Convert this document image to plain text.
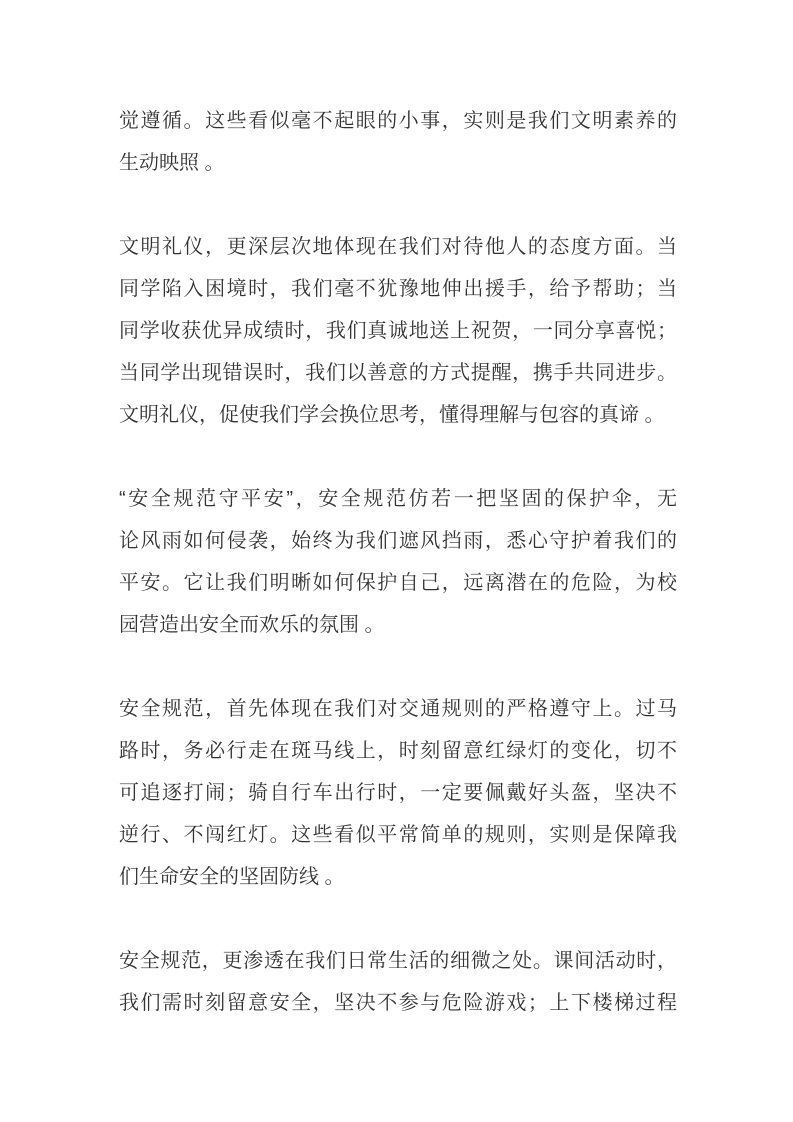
觉遵循。这些看似毫不起眼的小事，实则是我们文明素养的
生动映照 。
文明礼仪，更深层次地体现在我们对待他人的态度方面。当
同学陷入困境时，我们毫不犹豫地伸出援手，给予帮助；当
同学收获优异成绩时，我们真诚地送上祝贺，一同分享喜悦；
当同学出现错误时，我们以善意的方式提醒，携手共同进步。
文明礼仪，促使我们学会换位思考，懂得理解与包容的真谛 。
“安全规范守平安”，安全规范仿若一把坚固的保护伞，无
论风雨如何侵袭，始终为我们遮风挡雨，悉心守护着我们的
平安。它让我们明晰如何保护自己，远离潜在的危险，为校
园营造出安全而欢乐的氛围 。
安全规范，首先体现在我们对交通规则的严格遵守上。过马
路时，务必行走在斑马线上，时刻留意红绿灯的变化，切不
可追逐打闹；骑自行车出行时，一定要佩戴好头盔，坚决不
逆行、不闯红灯。这些看似平常简单的规则，实则是保障我
们生命安全的坚固防线 。
安全规范，更渗透在我们日常生活的细微之处。课间活动时，
我们需时刻留意安全，坚决不参与危险游戏；上下楼梯过程
